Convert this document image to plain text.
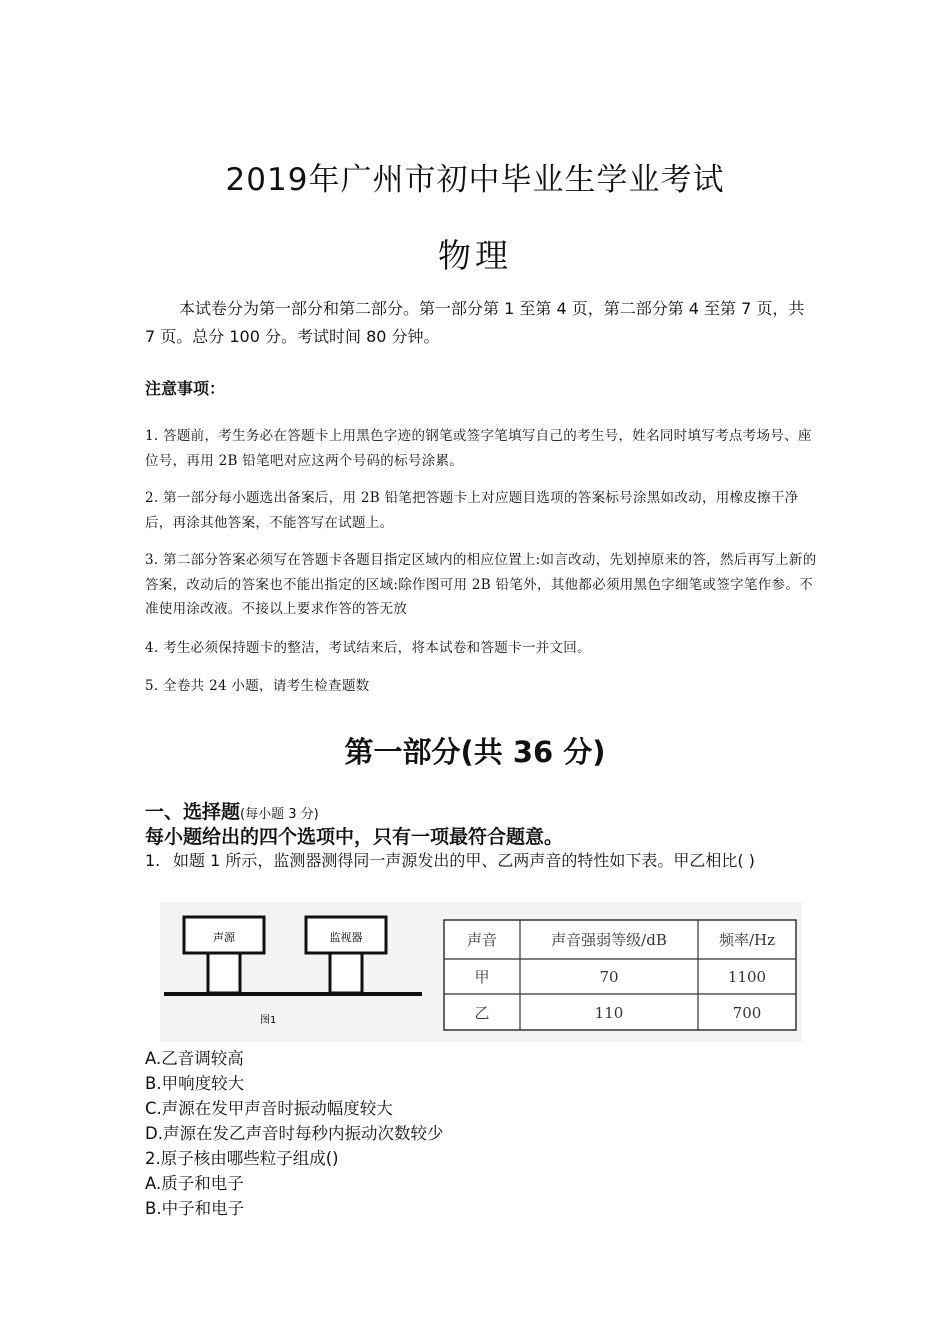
2019年广州市初中毕业生学业考试
物理
本试卷分为第一部分和第二部分。第一部分第 1 至第 4 页，第二部分第 4 至第 7 页，共 7 页。总分 100 分。考试时间 80 分钟。
注意事项：
1. 答题前，考生务必在答题卡上用黑色字迹的钢笔或签字笔填写自己的考生号，姓名同时填写考点考场号、座位号，再用 2B 铅笔吧对应这两个号码的标号涂累。
2. 第一部分每小题选出备案后，用 2B 铅笔把答题卡上对应题目选项的答案标号涂黑如改动，用橡皮擦干净后，再涂其他答案，不能答写在试题上。
3. 第二部分答案必须写在答题卡各题目指定区域内的相应位置上:如言改动，先划掉原来的答，然后再写上新的答案，改动后的答案也不能出指定的区域:除作图可用 2B 铅笔外，其他都必须用黑色字细笔或签字笔作参。不准使用涂改液。不接以上要求作答的答无放
4. 考生必须保持题卡的整洁，考试结来后，将本试卷和答题卡一并文回。
5. 全卷共 24 小题，请考生检查题数
第一部分(共 36 分)
一、选择题(每小题 3 分)
每小题给出的四个选项中，只有一项最符合题意。
1. 如题 1 所示，监测器测得同一声源发出的甲、乙两声音的特性如下表。甲乙相比( )
声源	监视器
图1
声音	声音强弱等级/dB	频率/Hz
甲	70	1100
乙	110	700
A.乙音调较高
B.甲响度较大
C.声源在发甲声音时振动幅度较大
D.声源在发乙声音时每秒内振动次数较少
2.原子核由哪些粒子组成()
A.质子和电子
B.中子和电子
